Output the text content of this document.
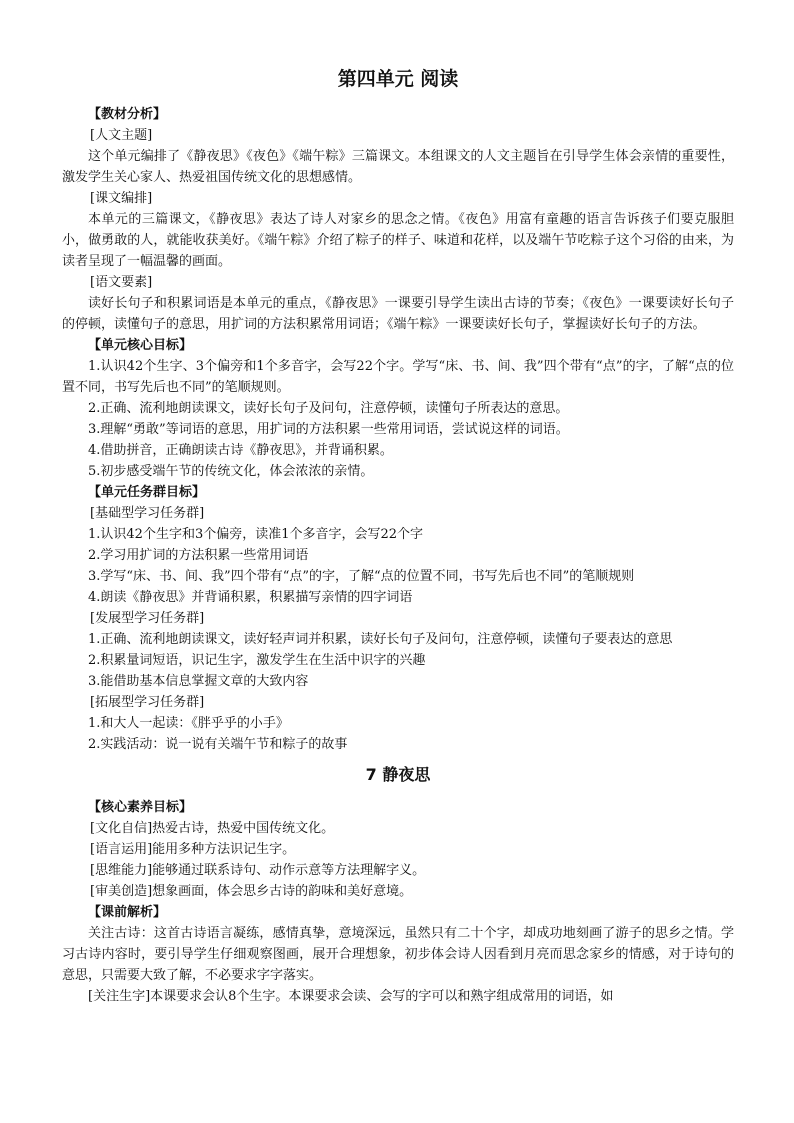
第四单元 阅读

【教材分析】

[人文主题]

这个单元编排了《静夜思》《夜色》《端午粽》三篇课文。本组课文的人文主题旨在引导学生体会亲情的重要性，激发学生关心家人、热爱祖国传统文化的思想感情。

[课文编排]

本单元的三篇课文，《静夜思》表达了诗人对家乡的思念之情。《夜色》用富有童趣的语言告诉孩子们要克服胆小，做勇敢的人，就能收获美好。《端午粽》介绍了粽子的样子、味道和花样，以及端午节吃粽子这个习俗的由来，为读者呈现了一幅温馨的画面。

[语文要素]

读好长句子和积累词语是本单元的重点，《静夜思》一课要引导学生读出古诗的节奏；《夜色》一课要读好长句子的停顿，读懂句子的意思，用扩词的方法积累常用词语；《端午粽》一课要读好长句子，掌握读好长句子的方法。

【单元核心目标】

1.认识42个生字、3个偏旁和1个多音字，会写22个字。学写“床、书、间、我”四个带有“点”的字，了解“点的位置不同，书写先后也不同”的笔顺规则。

2.正确、流利地朗读课文，读好长句子及问句，注意停顿，读懂句子所表达的意思。

3.理解“勇敢”等词语的意思，用扩词的方法积累一些常用词语，尝试说这样的词语。

4.借助拼音，正确朗读古诗《静夜思》，并背诵积累。

5.初步感受端午节的传统文化，体会浓浓的亲情。

【单元任务群目标】

[基础型学习任务群]

1.认识42个生字和3个偏旁，读准1个多音字，会写22个字

2.学习用扩词的方法积累一些常用词语

3.学写“床、书、间、我”四个带有“点”的字，了解“点的位置不同，书写先后也不同”的笔顺规则

4.朗读《静夜思》并背诵积累，积累描写亲情的四字词语

[发展型学习任务群]

1.正确、流利地朗读课文，读好轻声词并积累，读好长句子及问句，注意停顿，读懂句子要表达的意思

2.积累量词短语，识记生字，激发学生在生活中识字的兴趣

3.能借助基本信息掌握文章的大致内容

[拓展型学习任务群]

1.和大人一起读：《胖乎乎的小手》

2.实践活动：说一说有关端午节和粽子的故事

7 静夜思

【核心素养目标】

[文化自信]热爱古诗，热爱中国传统文化。

[语言运用]能用多种方法识记生字。

[思维能力]能够通过联系诗句、动作示意等方法理解字义。

[审美创造]想象画面，体会思乡古诗的韵味和美好意境。

【课前解析】

关注古诗：这首古诗语言凝练，感情真挚，意境深远，虽然只有二十个字，却成功地刻画了游子的思乡之情。学习古诗内容时，要引导学生仔细观察图画，展开合理想象，初步体会诗人因看到月亮而思念家乡的情感，对于诗句的意思，只需要大致了解，不必要求字字落实。

[关注生字]本课要求会认8个生字。本课要求会读、会写的字可以和熟字组成常用的词语，如
